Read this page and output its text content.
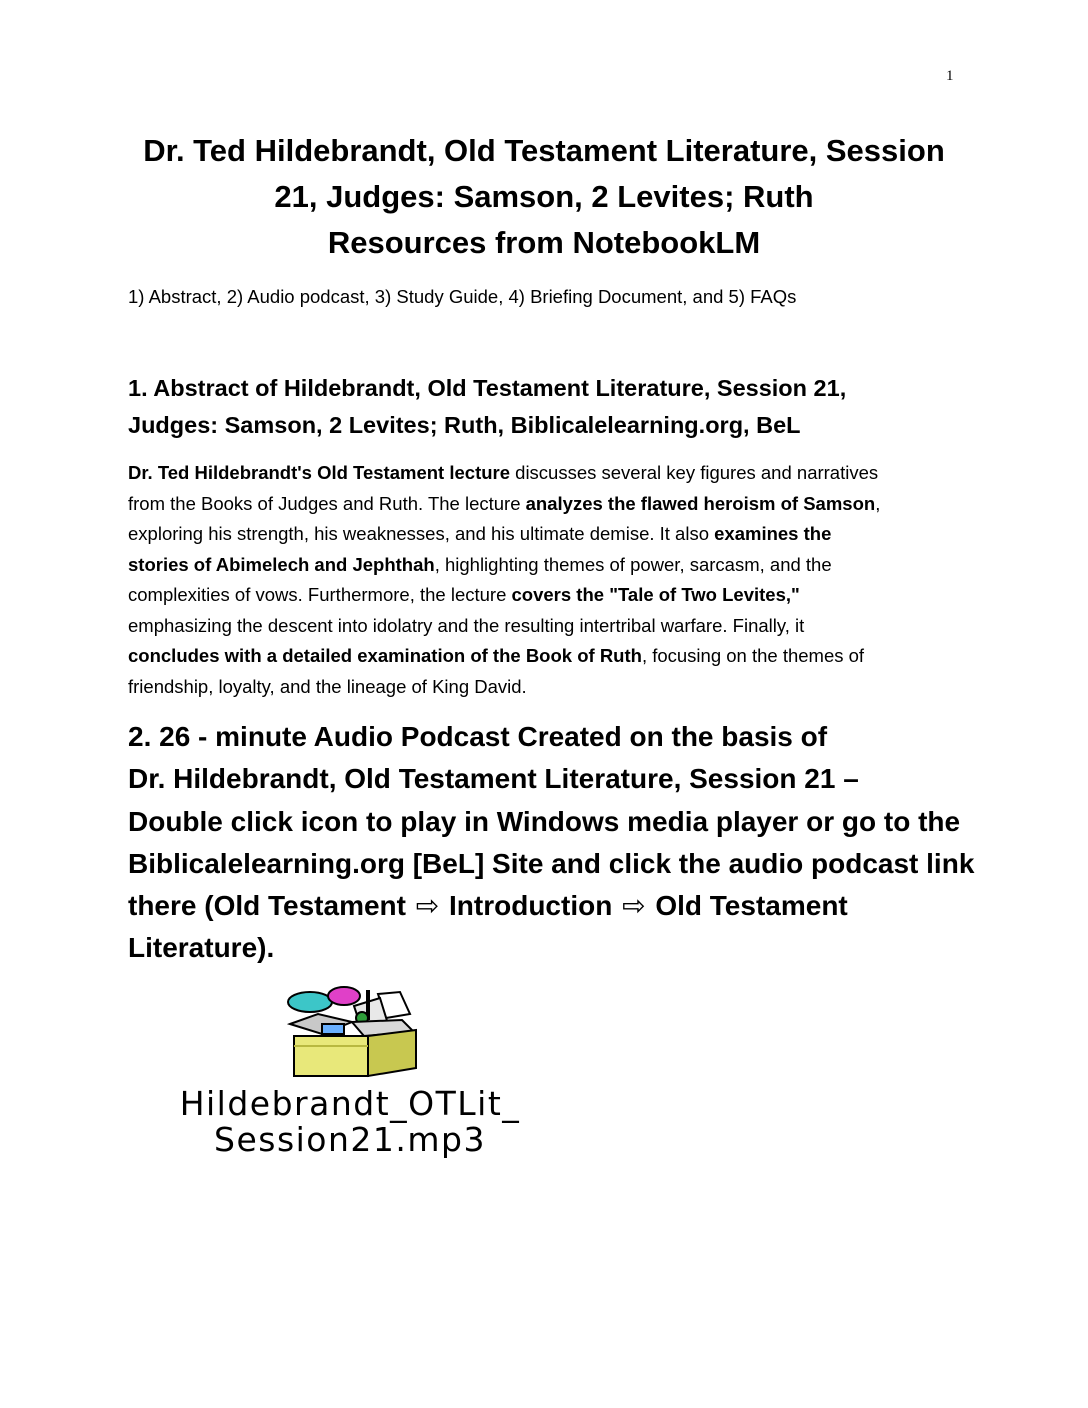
1
Dr. Ted Hildebrandt, Old Testament Literature, Session
21, Judges: Samson, 2 Levites; Ruth
Resources from NotebookLM
1) Abstract, 2) Audio podcast, 3) Study Guide, 4) Briefing Document, and 5) FAQs
1. Abstract of Hildebrandt, Old Testament Literature, Session 21,
Judges: Samson, 2 Levites; Ruth, Biblicalelearning.org, BeL
Dr. Ted Hildebrandt's Old Testament lecture discusses several key figures and narratives
from the Books of Judges and Ruth. The lecture analyzes the flawed heroism of Samson,
exploring his strength, his weaknesses, and his ultimate demise. It also examines the
stories of Abimelech and Jephthah, highlighting themes of power, sarcasm, and the
complexities of vows. Furthermore, the lecture covers the "Tale of Two Levites,"
emphasizing the descent into idolatry and the resulting intertribal warfare. Finally, it
concludes with a detailed examination of the Book of Ruth, focusing on the themes of
friendship, loyalty, and the lineage of King David.
2. 26 - minute Audio Podcast Created on the basis of
Dr. Hildebrandt, Old Testament Literature, Session 21 –
Double click icon to play in Windows media player or go to the
Biblicalelearning.org [BeL] Site and click the audio podcast link
there (Old Testament ⇨ Introduction ⇨ Old Testament
Literature).
Hildebrandt_OTLit_
Session21.mp3
